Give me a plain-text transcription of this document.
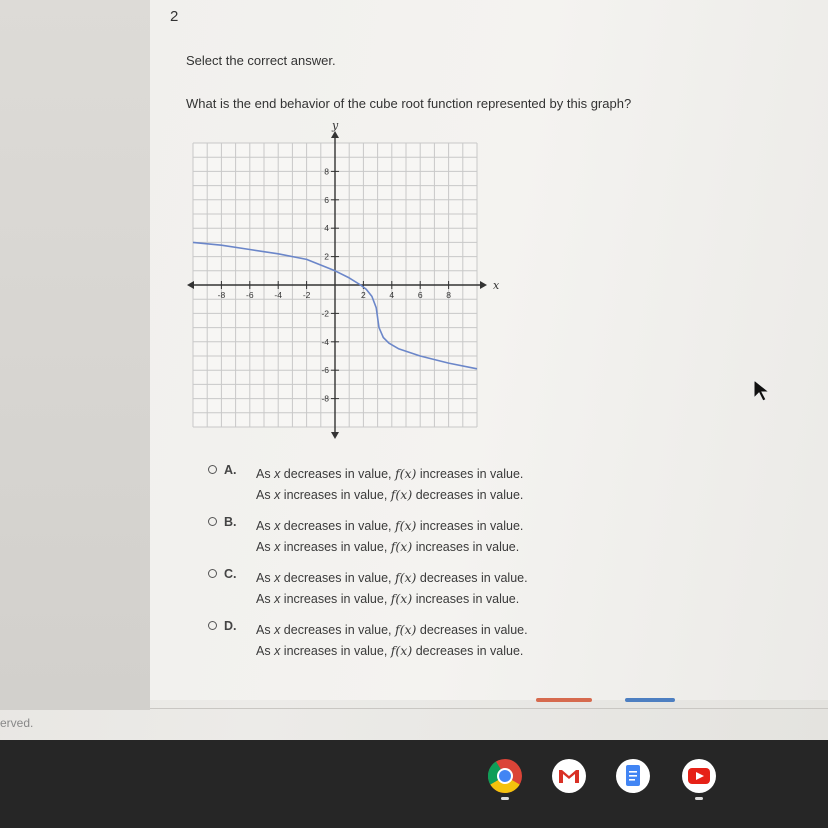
2
Select the correct answer.
What is the end behavior of the cube root function represented by this graph?
x
y
-8 -6 -4 -2	2	4	6	8
8
6
4
2
-2
-4
-6
-8
A. As x decreases in value, f(x) increases in value.
As x increases in value, f(x) decreases in value.
B. As x decreases in value, f(x) increases in value.
As x increases in value, f(x) increases in value.
C. As x decreases in value, f(x) decreases in value.
As x increases in value, f(x) increases in value.
D. As x decreases in value, f(x) decreases in value.
As x increases in value, f(x) decreases in value.
erved.
